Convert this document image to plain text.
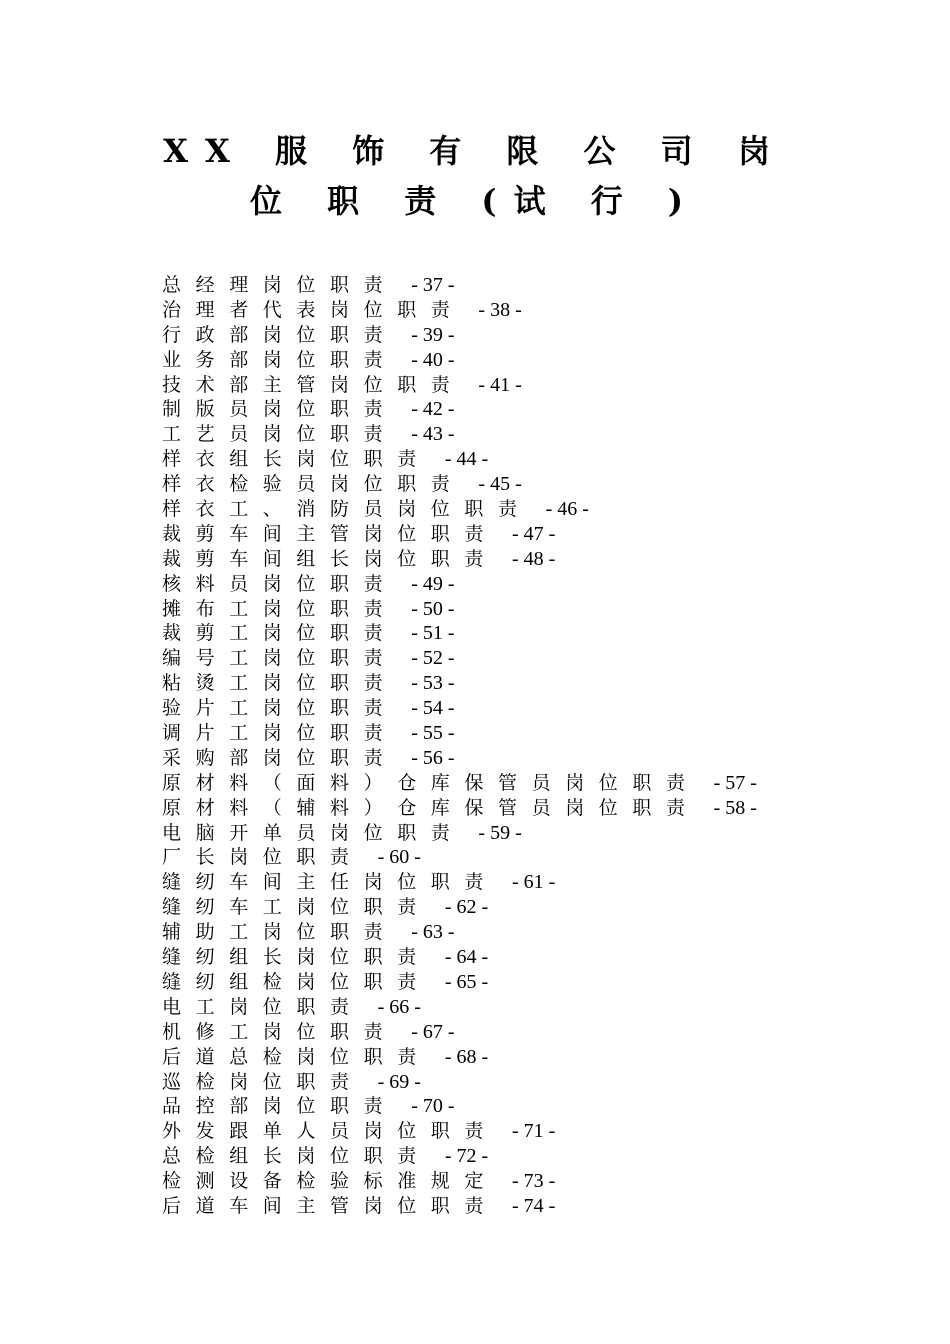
XX 服 饰 有 限 公 司 岗 位 职 责 (试 行 )
总经理岗位职责 - 37 -
治理者代表岗位职责 - 38 -
行政部岗位职责 - 39 -
业务部岗位职责 - 40 -
技术部主管岗位职责 - 41 -
制版员岗位职责 - 42 -
工艺员岗位职责 - 43 -
样衣组长岗位职责 - 44 -
样衣检验员岗位职责 - 45 -
样衣工、消防员岗位职责 - 46 -
裁剪车间主管岗位职责 - 47 -
裁剪车间组长岗位职责 - 48 -
核料员岗位职责 - 49 -
摊布工岗位职责 - 50 -
裁剪工岗位职责 - 51 -
编号工岗位职责 - 52 -
粘烫工岗位职责 - 53 -
验片工岗位职责 - 54 -
调片工岗位职责 - 55 -
采购部岗位职责 - 56 -
原材料（面料）仓库保管员岗位职责 - 57 -
原材料（辅料）仓库保管员岗位职责 - 58 -
电脑开单员岗位职责 - 59 -
厂长岗位职责 - 60 -
缝纫车间主任岗位职责 - 61 -
缝纫车工岗位职责 - 62 -
辅助工岗位职责 - 63 -
缝纫组长岗位职责 - 64 -
缝纫组检岗位职责 - 65 -
电工岗位职责 - 66 -
机修工岗位职责 - 67 -
后道总检岗位职责 - 68 -
巡检岗位职责 - 69 -
品控部岗位职责 - 70 -
外发跟单人员岗位职责 - 71 -
总检组长岗位职责 - 72 -
检测设备检验标准规定 - 73 -
后道车间主管岗位职责 - 74 -
